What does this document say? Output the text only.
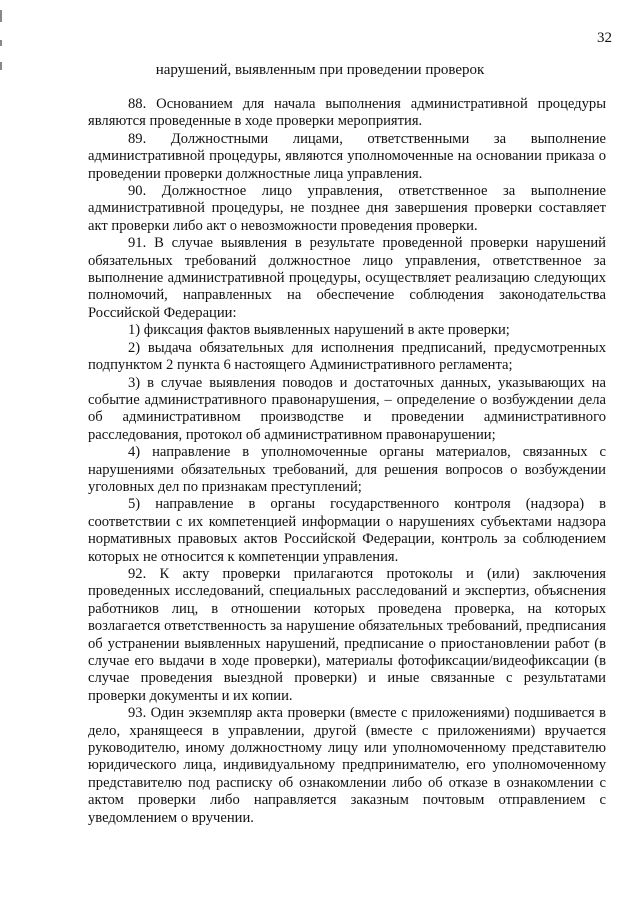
32
нарушений, выявленным при проведении проверок

88. Основанием для начала выполнения административной процедуры являются проведенные в ходе проверки мероприятия.

89. Должностными лицами, ответственными за выполнение административной процедуры, являются уполномоченные на основании приказа о проведении проверки должностные лица управления.

90. Должностное лицо управления, ответственное за выполнение административной процедуры, не позднее дня завершения проверки составляет акт проверки либо акт о невозможности проведения проверки.

91. В случае выявления в результате проведенной проверки нарушений обязательных требований должностное лицо управления, ответственное за выполнение административной процедуры, осуществляет реализацию следующих полномочий, направленных на обеспечение соблюдения законодательства Российской Федерации:

1) фиксация фактов выявленных нарушений в акте проверки;

2) выдача обязательных для исполнения предписаний, предусмотренных подпунктом 2 пункта 6 настоящего Административного регламента;

3) в случае выявления поводов и достаточных данных, указывающих на событие административного правонарушения, – определение о возбуждении дела об административном производстве и проведении административного расследования, протокол об административном правонарушении;

4) направление в уполномоченные органы материалов, связанных с нарушениями обязательных требований, для решения вопросов о возбуждении уголовных дел по признакам преступлений;

5) направление в органы государственного контроля (надзора) в соответствии с их компетенцией информации о нарушениях субъектами надзора нормативных правовых актов Российской Федерации, контроль за соблюдением которых не относится к компетенции управления.

92. К акту проверки прилагаются протоколы и (или) заключения проведенных исследований, специальных расследований и экспертиз, объяснения работников лиц, в отношении которых проведена проверка, на которых возлагается ответственность за нарушение обязательных требований, предписания об устранении выявленных нарушений, предписание о приостановлении работ (в случае его выдачи в ходе проверки), материалы фотофиксации/видеофиксации (в случае проведения выездной проверки) и иные связанные с результатами проверки документы и их копии.

93. Один экземпляр акта проверки (вместе с приложениями) подшивается в дело, хранящееся в управлении, другой (вместе с приложениями) вручается руководителю, иному должностному лицу или уполномоченному представителю юридического лица, индивидуальному предпринимателю, его уполномоченному представителю под расписку об ознакомлении либо об отказе в ознакомлении с актом проверки либо направляется заказным почтовым отправлением с уведомлением о вручении.
